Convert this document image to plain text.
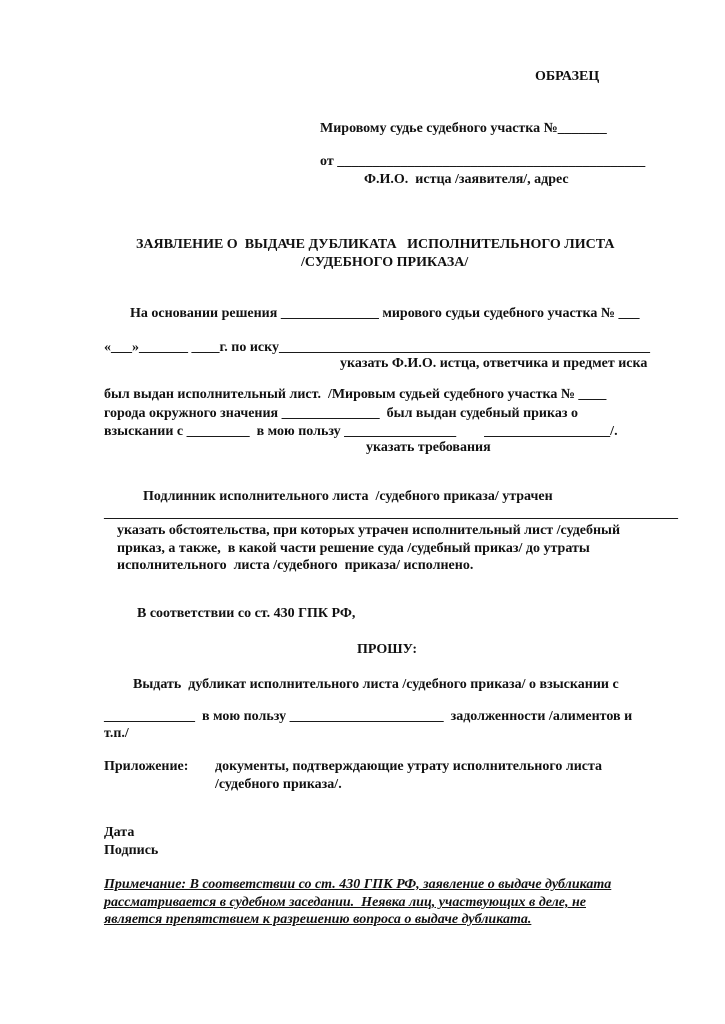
ОБРАЗЕЦ
Мировому судье судебного участка №_______
от ____________________________________________
Ф.И.О.  истца /заявителя/, адрес
ЗАЯВЛЕНИЕ О  ВЫДАЧЕ ДУБЛИКАТА   ИСПОЛНИТЕЛЬНОГО ЛИСТА
/СУДЕБНОГО ПРИКАЗА/
На основании решения ______________ мирового судьи судебного участка № ___
«___»_______ ____г. по иску_____________________________________________________
указать Ф.И.О. истца, ответчика и предмет иска
был выдан исполнительный лист.  /Мировым судьей судебного участка № ____
города окружного значения ______________  был выдан судебный приказ о
взыскании с _________  в мою пользу ________________        __________________/.
указать требования
Подлинник исполнительного листа  /судебного приказа/ утрачен
__________________________________________________________________________________
указать обстоятельства, при которых утрачен исполнительный лист /судебный
приказ, а также,  в какой части решение суда /судебный приказ/ до утраты
исполнительного  листа /судебного  приказа/ исполнено.
В соответствии со ст. 430 ГПК РФ,
ПРОШУ:
Выдать  дубликат исполнительного листа /судебного приказа/ о взыскании с
_____________  в мою пользу ______________________  задолженности /алиментов и
т.п./
Приложение: документы, подтверждающие утрату исполнительного листа
/судебного приказа/.
Дата
Подпись
Примечание: В соответствии со ст. 430 ГПК РФ, заявление о выдаче дубликата
рассматривается в судебном заседании.  Неявка лиц, участвующих в деле, не
является препятствием к разрешению вопроса о выдаче дубликата.
